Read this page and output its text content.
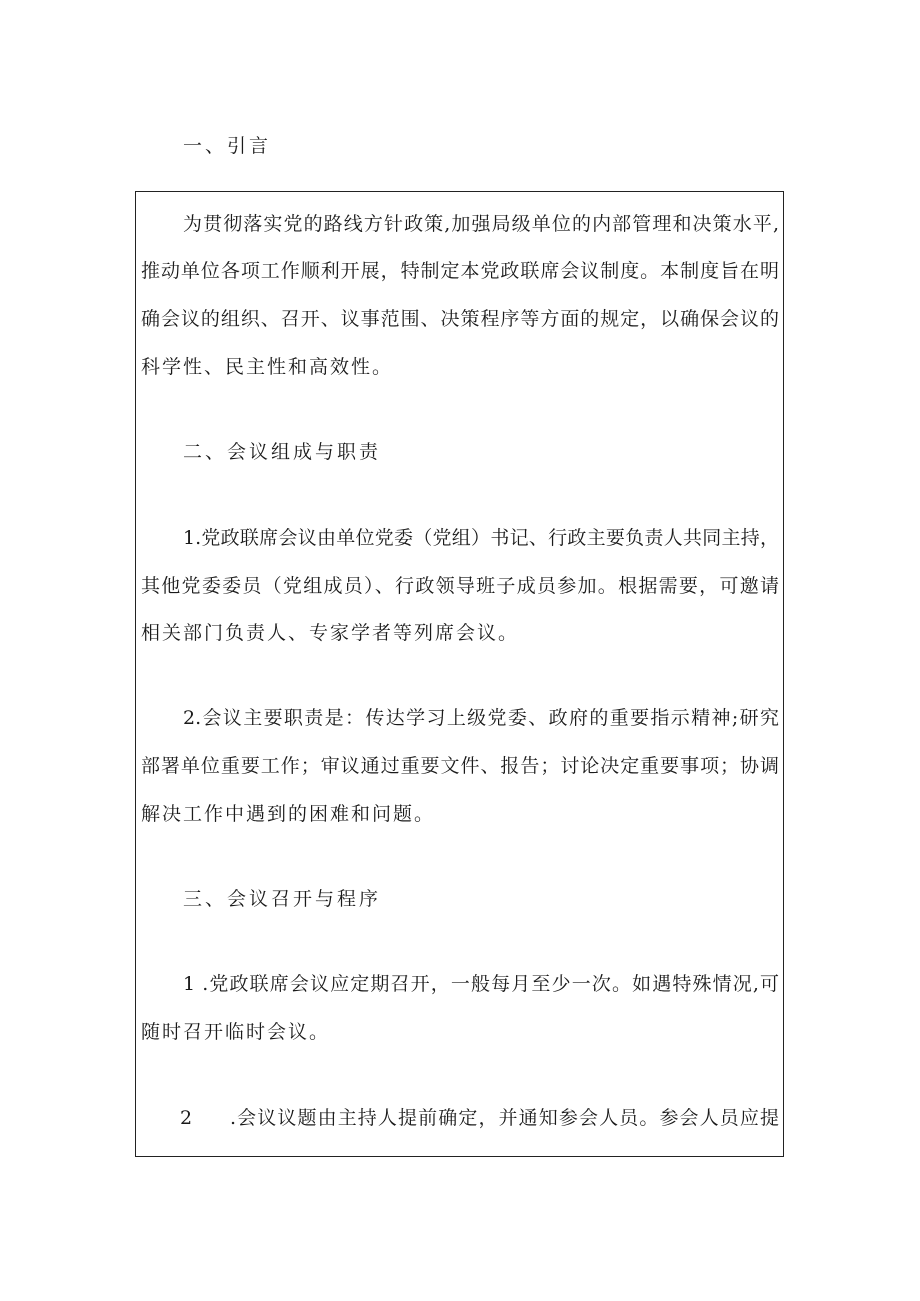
一、引言
为贯彻落实党的路线方针政策,加强局级单位的内部管理和决策水平,
推动单位各项工作顺利开展，特制定本党政联席会议制度。本制度旨在明
确会议的组织、召开、议事范围、决策程序等方面的规定，以确保会议的
科学性、民主性和高效性。
二、会议组成与职责
1.党政联席会议由单位党委（党组）书记、行政主要负责人共同主持，
其他党委委员（党组成员）、行政领导班子成员参加。根据需要，可邀请
相关部门负责人、专家学者等列席会议。
2.会议主要职责是：传达学习上级党委、政府的重要指示精神;研究
部署单位重要工作；审议通过重要文件、报告；讨论决定重要事项；协调
解决工作中遇到的困难和问题。
三、会议召开与程序
1 .党政联席会议应定期召开，一般每月至少一次。如遇特殊情况,可
随时召开临时会议。
2 .会议议题由主持人提前确定，并通知参会人员。参会人员应提
